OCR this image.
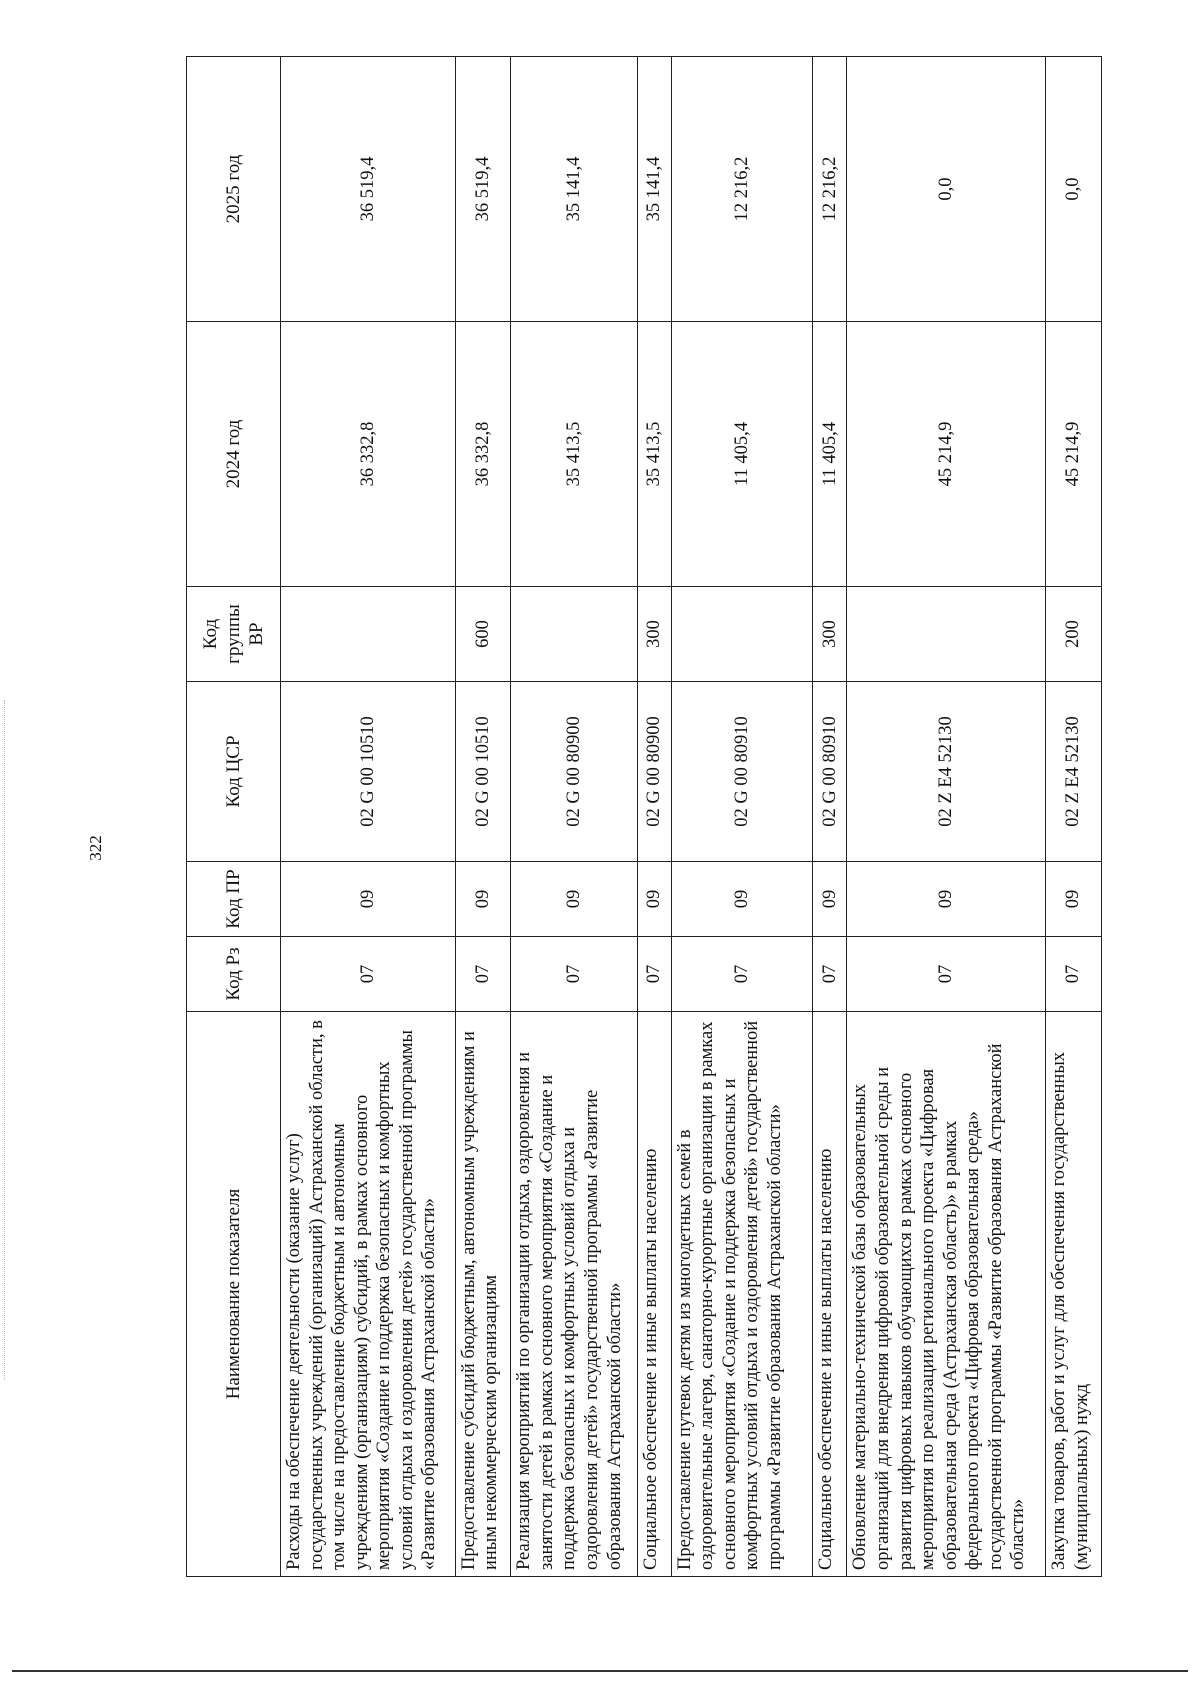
322
Наименование показателя	Код Рз	Код ПР	Код ЦСР	Код группы ВР	2024 год	2025 год
Расходы на обеспечение деятельности (оказание услуг) государственных учреждений (организаций) Астраханской области, в том числе на предоставление бюджетным и автономным учреждениям (организациям) субсидий, в рамках основного мероприятия «Создание и поддержка безопасных и комфортных условий отдыха и оздоровления детей» государственной программы «Развитие образования Астраханской области»	07	09	02 G 00 10510		36 332,8	36 519,4
Предоставление субсидий бюджетным, автономным учреждениям и иным некоммерческим организациям	07	09	02 G 00 10510	600	36 332,8	36 519,4
Реализация мероприятий по организации отдыха, оздоровления и занятости детей в рамках основного мероприятия «Создание и поддержка безопасных и комфортных условий отдыха и оздоровления детей» государственной программы «Развитие образования Астраханской области»	07	09	02 G 00 80900		35 413,5	35 141,4
Социальное обеспечение и иные выплаты населению	07	09	02 G 00 80900	300	35 413,5	35 141,4
Предоставление путевок детям из многодетных семей в оздоровительные лагеря, санаторно-курортные организации в рамках основного мероприятия «Создание и поддержка безопасных и комфортных условий отдыха и оздоровления детей» государственной программы «Развитие образования Астраханской области»	07	09	02 G 00 80910		11 405,4	12 216,2
Социальное обеспечение и иные выплаты населению	07	09	02 G 00 80910	300	11 405,4	12 216,2
Обновление материально-технической базы образовательных организаций для внедрения цифровой образовательной среды и развития цифровых навыков обучающихся в рамках основного мероприятия по реализации регионального проекта «Цифровая образовательная среда (Астраханская область)» в рамках федерального проекта «Цифровая образовательная среда» государственной программы «Развитие образования Астраханской области»	07	09	02 Z E4 52130		45 214,9	0,0
Закупка товаров, работ и услуг для обеспечения государственных (муниципальных) нужд	07	09	02 Z E4 52130	200	45 214,9	0,0
